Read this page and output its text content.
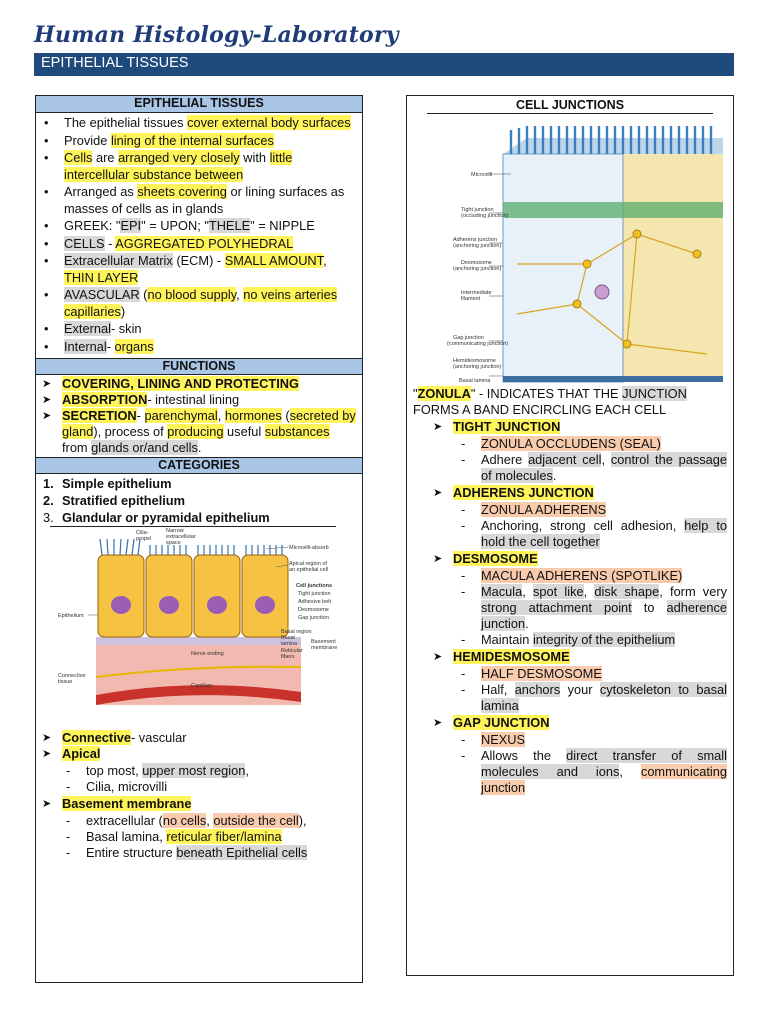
Human Histology-Laboratory
EPITHELIAL TISSUES
EPITHELIAL TISSUES
• The epithelial tissues cover external body surfaces
• Provide lining of the internal surfaces
• Cells are arranged very closely with little intercellular substance between
• Arranged as sheets covering or lining surfaces as masses of cells as in glands
• GREEK: "EPI" = UPON; "THELE" = NIPPLE
• CELLS - AGGREGATED POLYHEDRAL
• Extracellular Matrix (ECM) - SMALL AMOUNT, THIN LAYER
• AVASCULAR (no blood supply, no veins arteries capillaries)
• External- skin
• Internal- organs
FUNCTIONS
➤ COVERING, LINING AND PROTECTING
➤ ABSORPTION- intestinal lining
➤ SECRETION- parenchymal, hormones (secreted by gland), process of producing useful substances from glands or/and cells.
CATEGORIES
1. Simple epithelium
2. Stratified epithelium
3. Glandular or pyramidal epithelium
Cilia-
propel
Narrow
extracellular
space
Microvilli-absorb
Apical region of
an epithelial cell
Epithelium
Cell junctions
Tight junction
Adhesive belt
Desmosome
Gap junction
Basal region
Basal
lamina
Reticular
fibers
Basement
membrane
Nerve ending
Connective
tissue
Capillary
➤ Connective- vascular
➤ Apical
- top most, upper most region,
- Cilia, microvilli
➤ Basement membrane
- extracellular (no cells, outside the cell),
- Basal lamina, reticular fiber/lamina
- Entire structure beneath Epithelial cells
CELL JUNCTIONS
Microvilli
Tight junction
(occluding junction)
Adherens junction
(anchoring junction)
Desmosome
(anchoring junction)
Intermediate
filament
Gap junction
(communicating junction)
Hemidesmosome
(anchoring junction)
Basal lamina
"ZONULA" - INDICATES THAT THE JUNCTION FORMS A BAND ENCIRCLING EACH CELL
➤ TIGHT JUNCTION
- ZONULA OCCLUDENS (SEAL)
- Adhere adjacent cell, control the passage of molecules.
➤ ADHERENS JUNCTION
- ZONULA ADHERENS
- Anchoring, strong cell adhesion, help to hold the cell together
➤ DESMOSOME
- MACULA ADHERENS (SPOTLIKE)
- Macula, spot like, disk shape, form very strong attachment point to adherence junction.
- Maintain integrity of the epithelium
➤ HEMIDESMOSOME
- HALF DESMOSOME
- Half, anchors your cytoskeleton to basal lamina
➤ GAP JUNCTION
- NEXUS
- Allows the direct transfer of small molecules and ions, communicating junction
